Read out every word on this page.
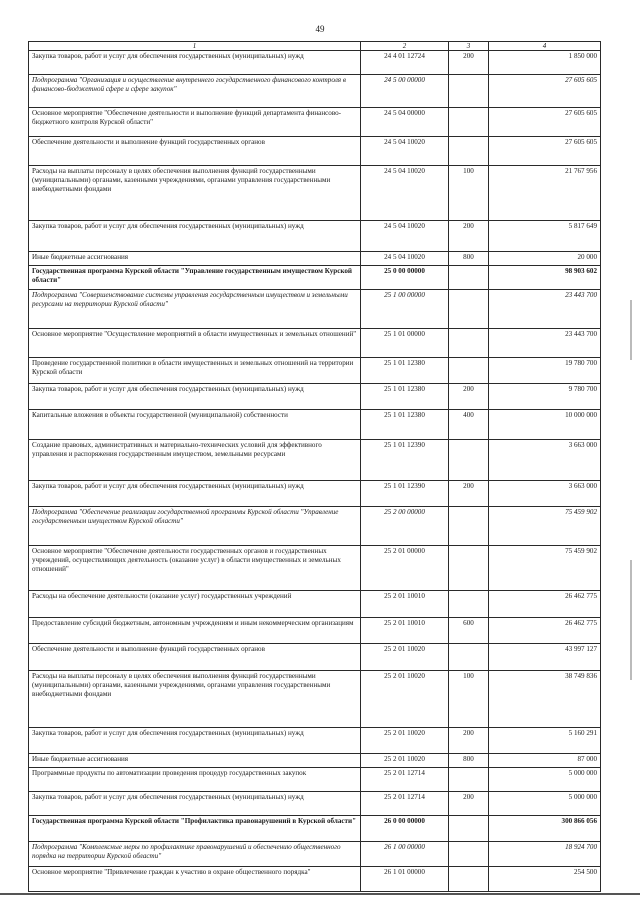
49
1	2	3	4
Закупка товаров, работ и услуг для обеспечения государственных (муниципальных) нужд	24 4 01 12724	200	1 850 000
Подпрограмма "Организация и осуществление внутреннего государственного финансового контроля в финансово-бюджетной сфере и сфере закупок"	24 5 00 00000		27 605 605
Основное мероприятие "Обеспечение деятельности и выполнение функций департамента финансово-бюджетного контроля Курской области"	24 5 04 00000		27 605 605
Обеспечение деятельности и выполнение функций государственных органов	24 5 04 10020		27 605 605
Расходы на выплаты персоналу в целях обеспечения выполнения функций государственными (муниципальными) органами, казенными учреждениями, органами управления государственными внебюджетными фондами	24 5 04 10020	100	21 767 956
Закупка товаров, работ и услуг для обеспечения государственных (муниципальных) нужд	24 5 04 10020	200	5 817 649
Иные бюджетные ассигнования	24 5 04 10020	800	20 000
Государственная программа Курской области "Управление государственным имуществом Курской области"	25 0 00 00000		98 903 602
Подпрограмма "Совершенствование системы управления государственным имуществом и земельными ресурсами на территории Курской области"	25 1 00 00000		23 443 700
Основное мероприятие "Осуществление мероприятий в области имущественных и земельных отношений"	25 1 01 00000		23 443 700
Проведение государственной политики в области имущественных и земельных отношений на территории Курской области	25 1 01 12380		19 780 700
Закупка товаров, работ и услуг для обеспечения государственных (муниципальных) нужд	25 1 01 12380	200	9 780 700
Капитальные вложения в объекты государственной (муниципальной) собственности	25 1 01 12380	400	10 000 000
Создание правовых, административных и материально-технических условий для эффективного управления и распоряжения государственным имуществом, земельными ресурсами	25 1 01 12390		3 663 000
Закупка товаров, работ и услуг для обеспечения государственных (муниципальных) нужд	25 1 01 12390	200	3 663 000
Подпрограмма "Обеспечение реализации государственной программы Курской области "Управление государственным имуществом Курской области"	25 2 00 00000		75 459 902
Основное мероприятие "Обеспечение деятельности государственных органов и государственных учреждений, осуществляющих деятельность (оказание услуг) в области имущественных и земельных отношений"	25 2 01 00000		75 459 902
Расходы на обеспечение деятельности (оказание услуг) государственных учреждений	25 2 01 10010		26 462 775
Предоставление субсидий бюджетным, автономным учреждениям и иным некоммерческим организациям	25 2 01 10010	600	26 462 775
Обеспечение деятельности и выполнение функций государственных органов	25 2 01 10020		43 997 127
Расходы на выплаты персоналу в целях обеспечения выполнения функций государственными (муниципальными) органами, казенными учреждениями, органами управления государственными внебюджетными фондами	25 2 01 10020	100	38 749 836
Закупка товаров, работ и услуг для обеспечения государственных (муниципальных) нужд	25 2 01 10020	200	5 160 291
Иные бюджетные ассигнования	25 2 01 10020	800	87 000
Программные продукты по автоматизации проведения процедур государственных закупок	25 2 01 12714		5 000 000
Закупка товаров, работ и услуг для обеспечения государственных (муниципальных) нужд	25 2 01 12714	200	5 000 000
Государственная программа Курской области "Профилактика правонарушений в Курской области"	26 0 00 00000		300 866 056
Подпрограмма "Комплексные меры по профилактике правонарушений и обеспечению общественного порядка на территории Курской области"	26 1 00 00000		18 924 700
Основное мероприятие "Привлечение граждан к участию в охране общественного порядка"	26 1 01 00000		254 500
